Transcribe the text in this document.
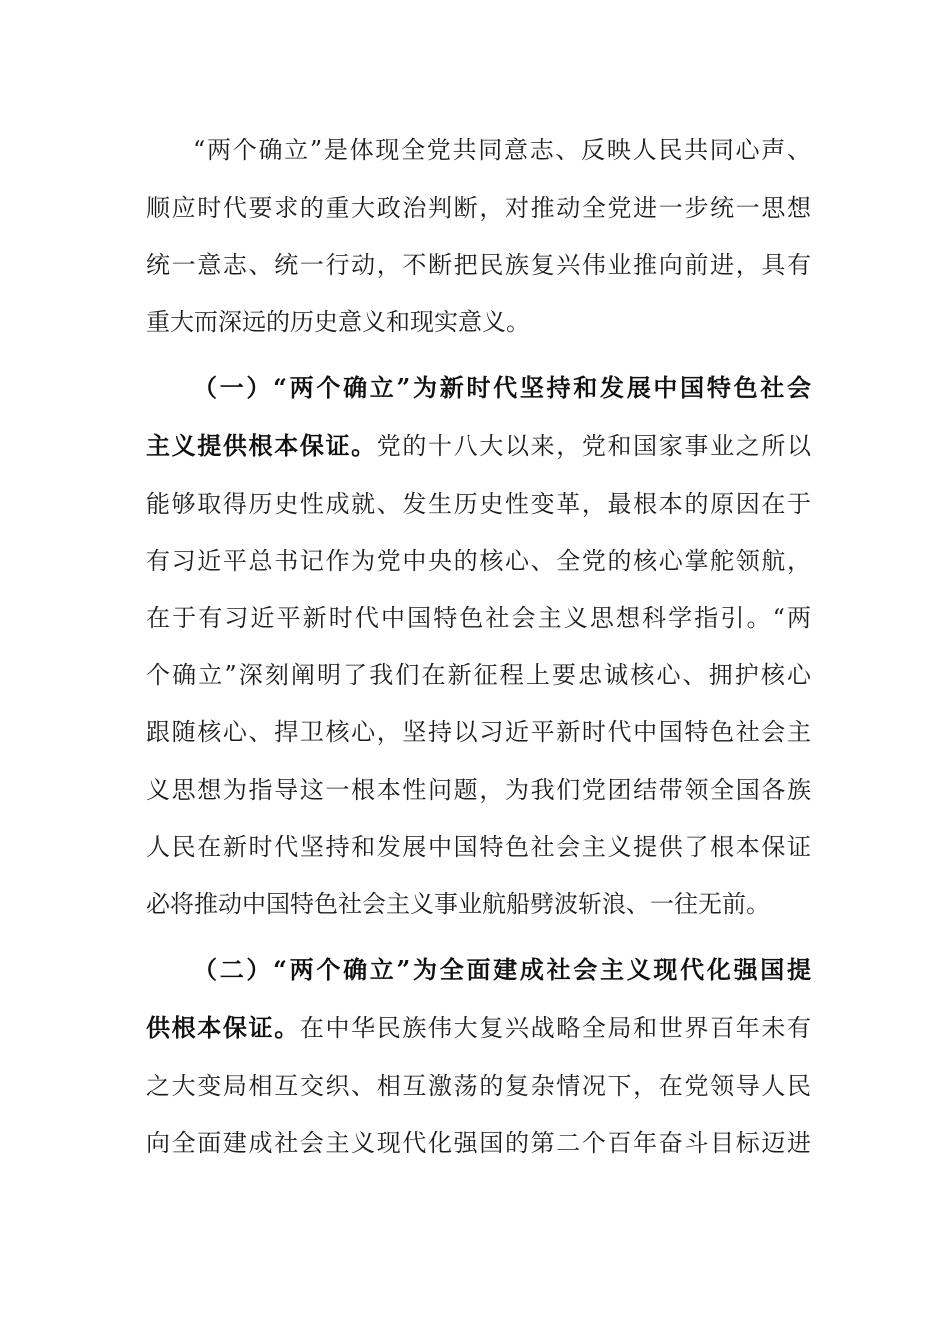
“两个确立”是体现全党共同意志、反映人民共同心声、
顺应时代要求的重大政治判断，对推动全党进一步统一思想
统一意志、统一行动，不断把民族复兴伟业推向前进，具有
重大而深远的历史意义和现实意义。
（一）“两个确立”为新时代坚持和发展中国特色社会
主义提供根本保证。党的十八大以来，党和国家事业之所以
能够取得历史性成就、发生历史性变革，最根本的原因在于
有习近平总书记作为党中央的核心、全党的核心掌舵领航，
在于有习近平新时代中国特色社会主义思想科学指引。“两
个确立”深刻阐明了我们在新征程上要忠诚核心、拥护核心
跟随核心、捍卫核心，坚持以习近平新时代中国特色社会主
义思想为指导这一根本性问题，为我们党团结带领全国各族
人民在新时代坚持和发展中国特色社会主义提供了根本保证
必将推动中国特色社会主义事业航船劈波斩浪、一往无前。
（二）“两个确立”为全面建成社会主义现代化强国提
供根本保证。在中华民族伟大复兴战略全局和世界百年未有
之大变局相互交织、相互激荡的复杂情况下，在党领导人民
向全面建成社会主义现代化强国的第二个百年奋斗目标迈进
